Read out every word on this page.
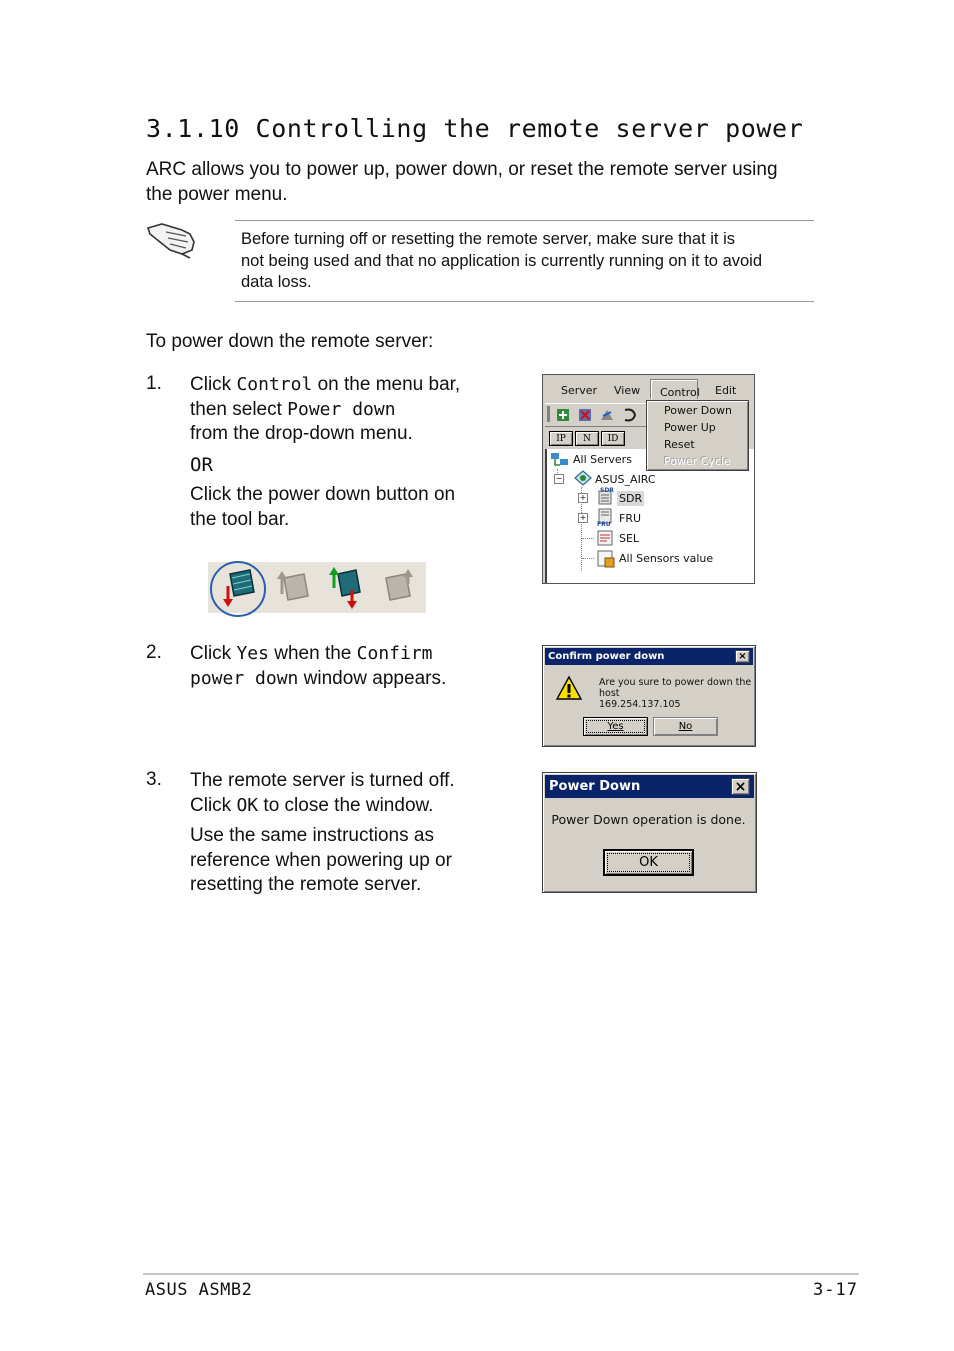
3.1.10 Controlling the remote server power
ARC allows you to power up, power down, or reset the remote server using
the power menu.
Before turning off or resetting the remote server, make sure that it is
not being used and that no application is currently running on it to avoid
data loss.
To power down the remote server:
1. Click Control on the menu bar,

then select Power down

from the drop-down menu.

OR

Click the power down button on

the tool bar.

Server View	Control Edit
IP	N	ID
All Servers
−	ASUS_AIRC
+
SDR
SDR
+
FRU FRU
SEL
All Sensors value
Power Down
Power Up
Reset
Power Cycle
2. Click Yes when the Confirm

power down window appears.

Confirm power down	×
Are you sure to power down the host
169.254.137.105
Yes	No
3. The remote server is turned off.

Click OK to close the window.

Use the same instructions as

reference when powering up or

resetting the remote server.

Power Down	×
Power Down operation is done.
OK
ASUS ASMB2	3-17
